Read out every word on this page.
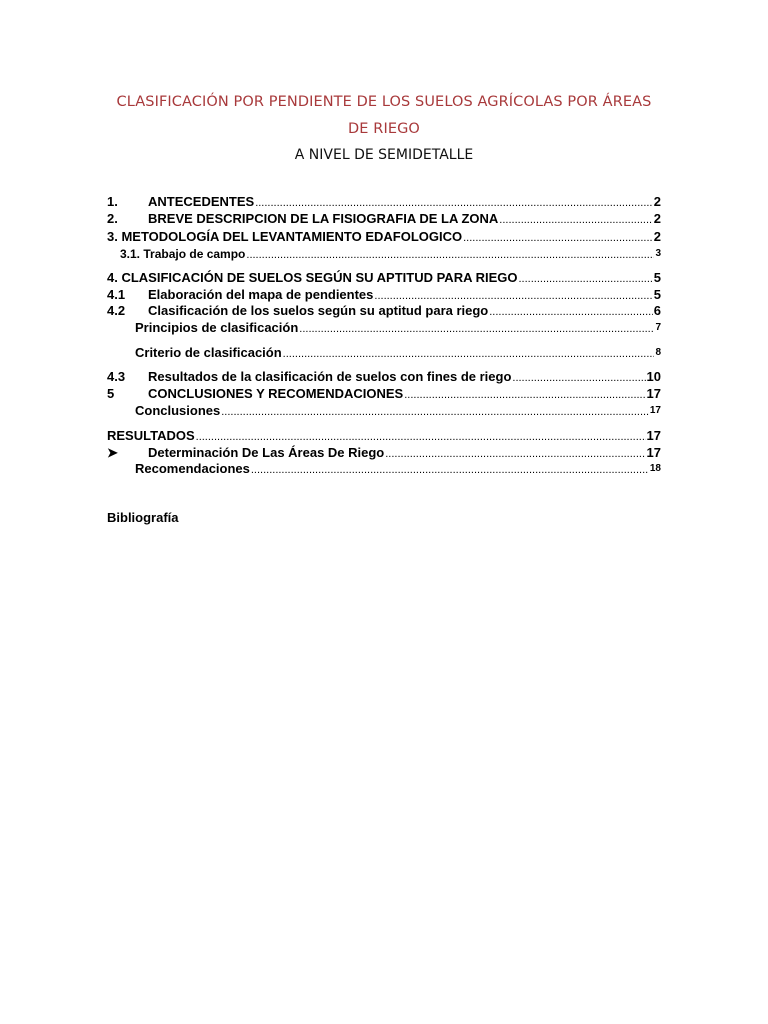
CLASIFICACIÓN POR PENDIENTE DE LOS SUELOS AGRÍCOLAS POR ÁREAS
DE RIEGO
A NIVEL DE SEMIDETALLE
1.	ANTECEDENTES .....	2
2.	BREVE DESCRIPCION DE LA FISIOGRAFIA DE LA ZONA .....	2
3. METODOLOGÍA DEL LEVANTAMIENTO EDAFOLOGICO .....	2
3.1. Trabajo de campo .....	3
4. CLASIFICACIÓN DE SUELOS SEGÚN SU APTITUD PARA RIEGO .....	5
4.1	Elaboración del mapa de pendientes .....	5
4.2	Clasificación de los suelos según su aptitud para riego .....	6
Principios de clasificación .....	7
Criterio de clasificación .....	8
4.3	Resultados de la clasificación de suelos con fines de riego .....	10
5	CONCLUSIONES Y RECOMENDACIONES .....	17
Conclusiones .....	17
RESULTADOS .....	17
➤	Determinación De Las Áreas De Riego .....	17
Recomendaciones .....	18
Bibliografía
